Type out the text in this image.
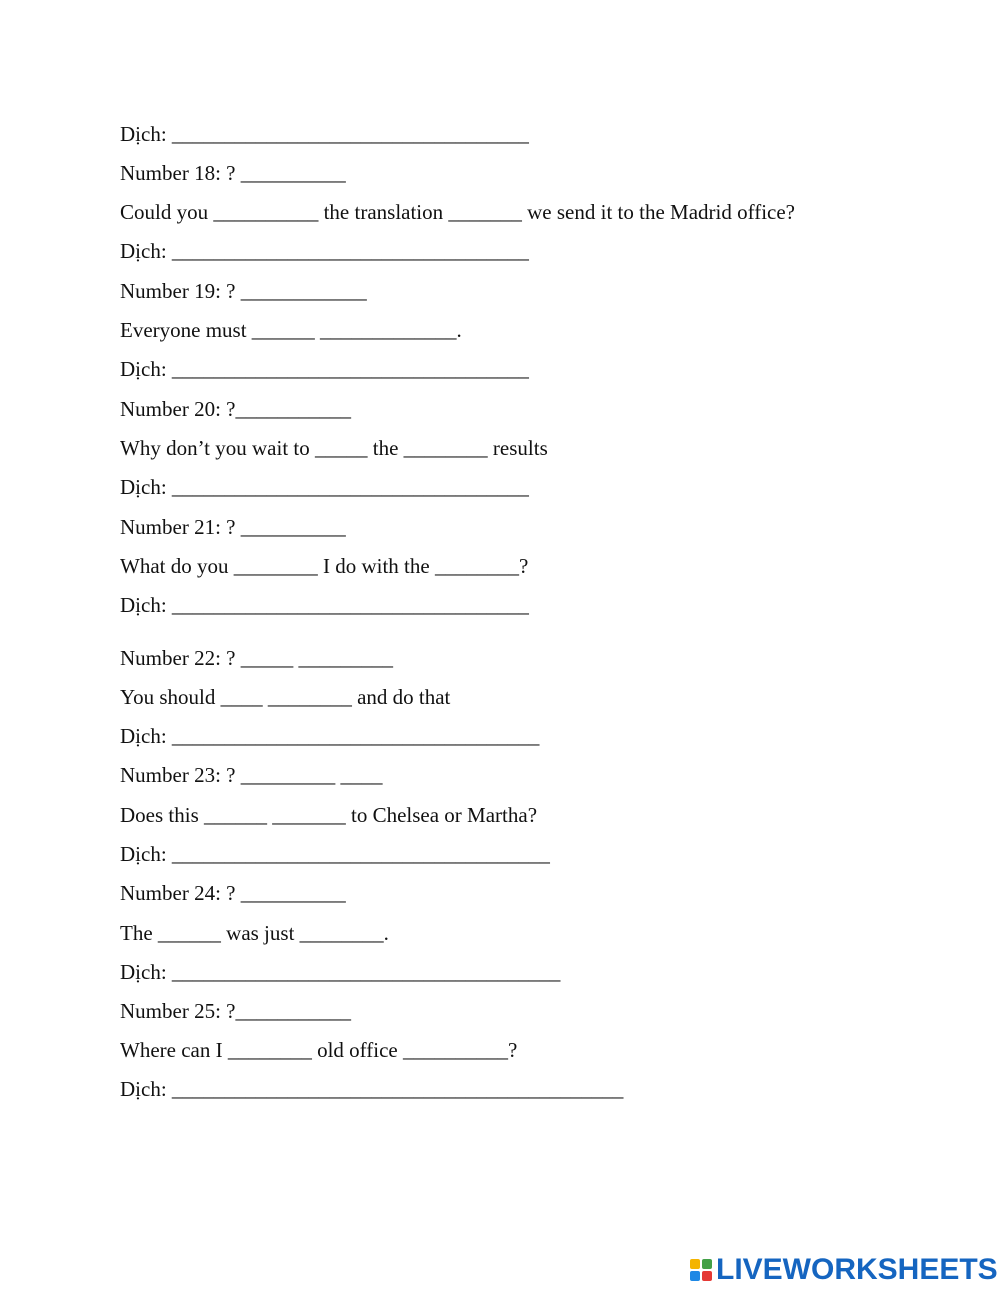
Dịch: __________________________________

Number 18: ? __________

Could you __________ the translation _______ we send it to the Madrid office?

Dịch: __________________________________

Number 19: ? ____________

Everyone must ______ _____________.

Dịch: __________________________________

Number 20: ?___________

Why don’t you wait to _____ the ________ results

Dịch: __________________________________

Number 21: ? __________

What do you ________ I do with the ________?

Dịch: __________________________________

Number 22: ? _____ _________

You should ____ ________ and do that

Dịch: ___________________________________

Number 23: ? _________ ____

Does this ______ _______ to Chelsea or Martha?

Dịch: ____________________________________

Number 24: ? __________

The ______ was just ________.

Dịch: _____________________________________

Number 25: ?___________

Where can I ________ old office __________?

Dịch: ___________________________________________

LIVEWORKSHEETS
